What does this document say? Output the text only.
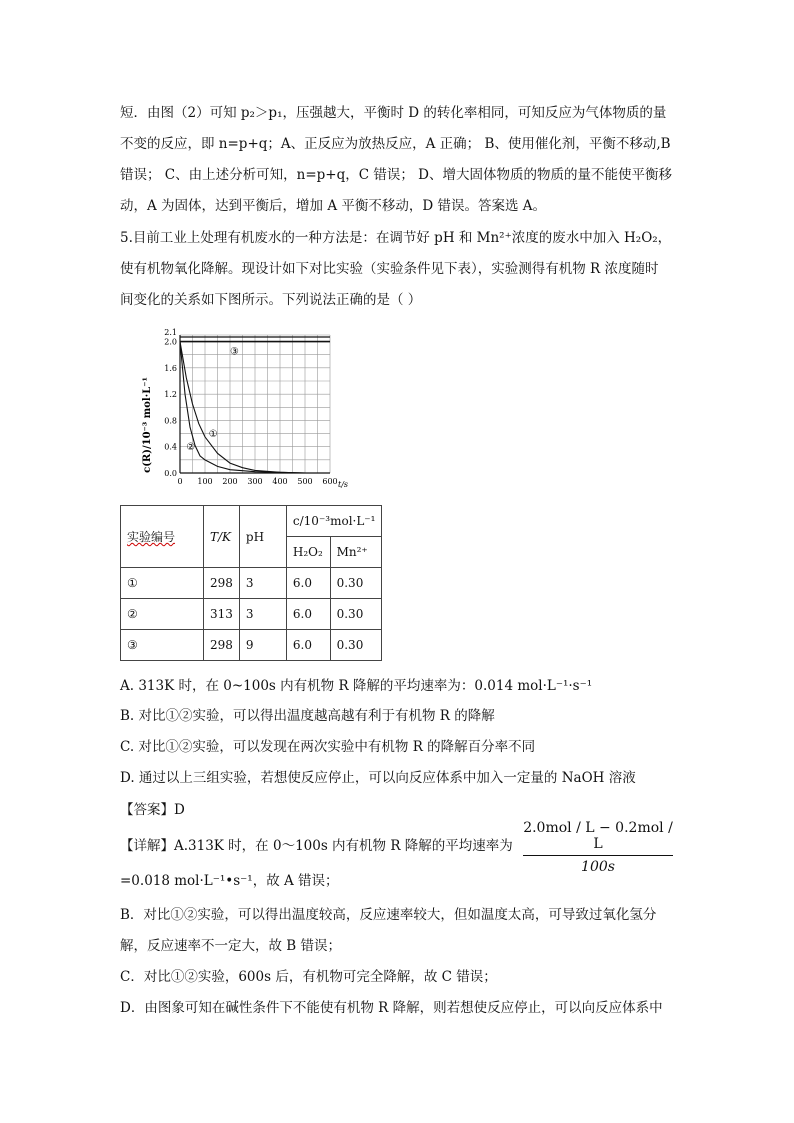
短．由图（2）可知 p₂＞p₁，压强越大，平衡时 D 的转化率相同，可知反应为气体物质的量
不变的反应，即 n=p+q；A、正反应为放热反应，A 正确； B、使用催化剂，平衡不移动,B
错误； C、由上述分析可知，n=p+q，C 错误； D、增大固体物质的物质的量不能使平衡移
动，A 为固体，达到平衡后，增加 A 平衡不移动，D 错误。答案选 A。
5.目前工业上处理有机废水的一种方法是：在调节好 pH 和 Mn²⁺浓度的废水中加入 H₂O₂，
使有机物氧化降解。现设计如下对比实验（实验条件见下表），实验测得有机物 R 浓度随时
间变化的关系如下图所示。下列说法正确的是（ ）
0 100 200 300 400 500 600
0.0
0.4
0.8
1.2
1.6
2.0
2.1
①
②
③
c(R)/10⁻³ mol·L⁻¹
t/s
实验编号	T/K	pH	c/10⁻³mol·L⁻¹	
			H₂O₂	Mn²⁺
①	298	3	6.0	0.30
②	313	3	6.0	0.30
③	298	9	6.0	0.30
A. 313K 时，在 0~100s 内有机物 R 降解的平均速率为：0.014 mol·L⁻¹·s⁻¹
B. 对比①②实验，可以得出温度越高越有利于有机物 R 的降解
C. 对比①②实验，可以发现在两次实验中有机物 R 的降解百分率不同
D. 通过以上三组实验，若想使反应停止，可以向反应体系中加入一定量的 NaOH 溶液
【答案】D
【详解】A.313K 时，在 0～100s 内有机物 R 降解的平均速率为
2.0mol / L − 0.2mol / L
100s
=0.018 mol·L⁻¹•s⁻¹，故 A 错误；
B．对比①②实验，可以得出温度较高，反应速率较大，但如温度太高，可导致过氧化氢分
解，反应速率不一定大，故 B 错误；
C．对比①②实验，600s 后，有机物可完全降解，故 C 错误；
D．由图象可知在碱性条件下不能使有机物 R 降解，则若想使反应停止，可以向反应体系中
